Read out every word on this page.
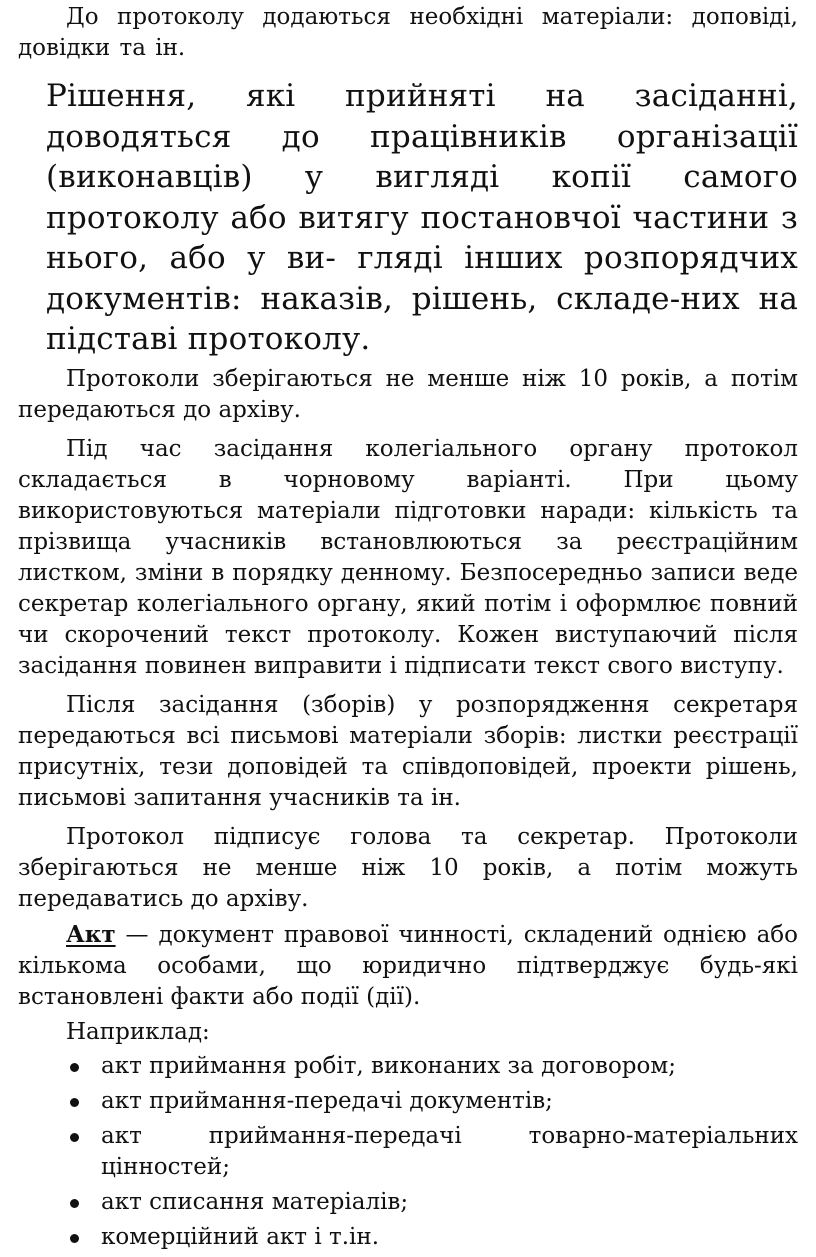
До протоколу додаються необхідні матеріали: доповіді, довідки та ін.

Рішення, які прийняті на засіданні, доводяться до працівників організації (виконавців) у вигляді копії самого протоколу або витягу постановчої частини з нього, або у ви- гляді інших розпорядчих документів: наказів, рішень, складе-них на підставі протоколу.

Протоколи зберігаються не менше ніж 10 років, а потім передаються до архіву.

Під час засідання колегіального органу протокол складається в чорновому варіанті. При цьому використовуються матеріали підготовки наради: кількість та прізвища учасників встановлюються за реєстраційним листком, зміни в порядку денному. Безпосередньо записи веде секретар колегіального органу, який потім і оформлює повний чи скорочений текст протоколу. Кожен виступаючий після засідання повинен виправити і підписати текст свого виступу.

Після засідання (зборів) у розпорядження секретаря передаються всі письмові матеріали зборів: листки реєстрації присутніх, тези доповідей та співдоповідей, проекти рішень, письмові запитання учасників та ін.

Протокол підписує голова та секретар. Протоколи зберігаються не менше ніж 10 років, а потім можуть передаватись до архіву.

Акт — документ правової чинності, складений однією або кількома особами, що юридично підтверджує будь-які встановлені факти або події (дії).

Наприклад:

акт приймання робіт, виконаних за договором;
акт приймання-передачі документів;
акт приймання-передачі товарно-матеріальних цінностей;
акт списання матеріалів;
комерційний акт і т.ін.
